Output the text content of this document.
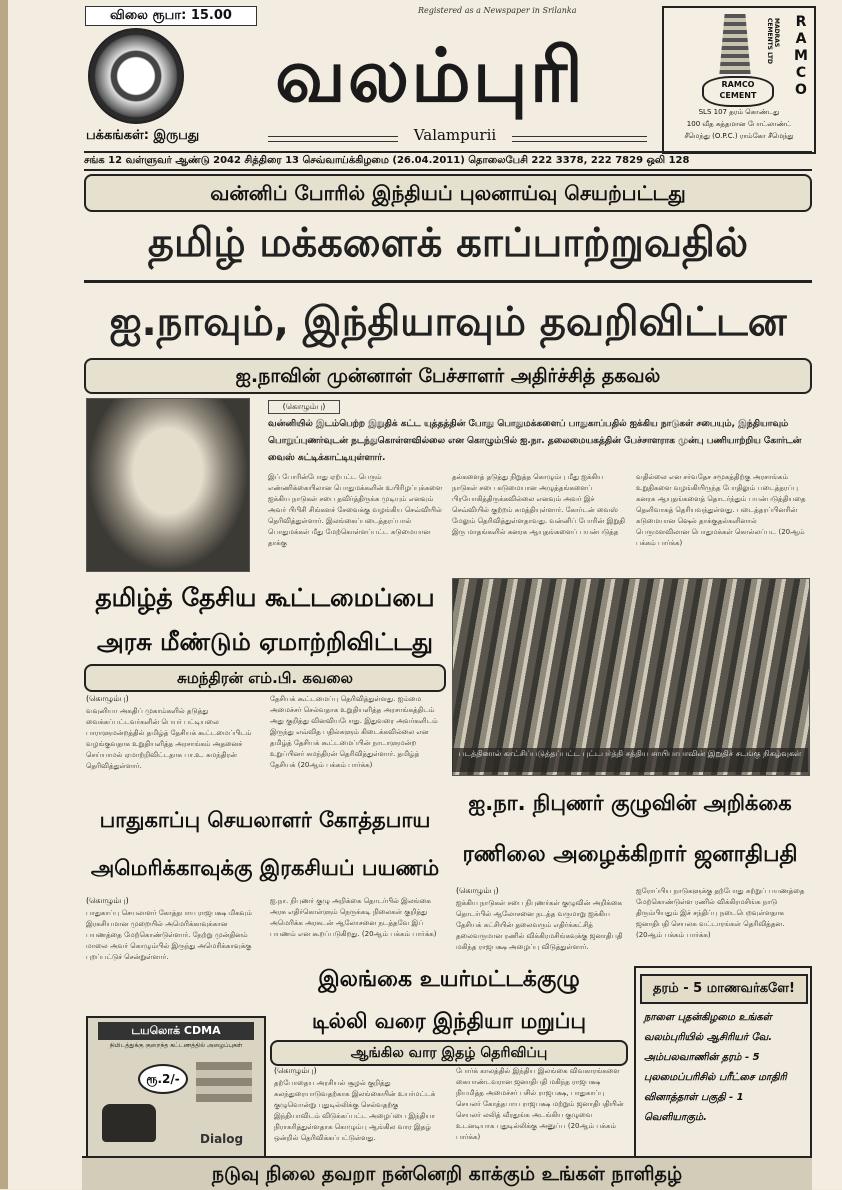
விலை ரூபா: 15.00	Registered as a Newspaper in Srilanka
வலம்புரி
பக்கங்கள்: இருபது	Valampurii
RAMCO
MADRAS CEMENTS LTD
RAMCO CEMENT
SLS 107 தரம் கொண்டது
100 வீத சுத்தமான போட்லாண்ட்
சீமெந்து (O.P.C.) ராம்கோ சீமெந்து
சங்க 12 வள்ளுவர் ஆண்டு 2042 சித்திரை 13 செவ்வாய்க்கிழமை (26.04.2011) தொலைபேசி 222 3378, 222 7829 ஒலி 128
வன்னிப் போரில் இந்தியப் புலனாய்வு செயற்பட்டது
தமிழ் மக்களைக் காப்பாற்றுவதில்
ஐ.நாவும், இந்தியாவும் தவறிவிட்டன
ஐ.நாவின் முன்னாள் பேச்சாளர் அதிர்ச்சித் தகவல்
(கொழும்பு)
வன்னியில் இடம்பெற்ற இறுதிக் கட்ட யுத்தத்தின் போது பொதுமக்களைப் பாதுகாப்பதில் ஐக்கிய நாடுகள் சபையும், இந்தியாவும் பொறுப்புணர்வுடன் நடந்துகொள்ளவில்லை என கொழும்பில் ஐ.நா. தலைமையகத்தின் பேச்சாளராக முன்பு பணியாற்றிய கோர்டன் வைஸ் சுட்டிக்காட்டியுள்ளார்.
இப் போரின்போது ஏற்பட்ட பெரும் எண்ணிக்கையிலான பொதுமக்களின் உயிரிழப்புக்களை ஐக்கிய நாடுகள் சபை தவிர்த்திருக்க முடியும் எனவும் அவர் பிபிசி சிங்களச் சேவைக்கு வழங்கிய செவ்வியில் தெரிவித்துள்ளார். இலங்கைப்படைத்தரப்பால் பொதுமக்கள் மீது மேற்கொள்ளப்பட்ட கடுமையான தாக்கு
தல்களைத் தடுத்து நிறுத்த கொழும்பு மீது ஐக்கிய நாடுகள் சபை கடுமையான அழுத்தங்களைப் பிரயோகித்திருக்கவில்லை எனவும் அவர் இச் செவ்வியில் குற்றம் சுமத்தியுள்ளார். கோர்டன் வைஸ் மேலும் தெரிவித்துள்ளதாவது. வன்னிப் போரின் இறுதி இரு மாதங்களில் கனரக ஆயுதங்களைப் பயன்படுத்த
வதில்லை என சர்வதேச சமூகத்திற்கு அரசாங்கம் உறுதிகளை வழங்கியிருந்த போதிலும் படைத்தரப்பு கனரக ஆயுதங்களைத் தொடர்ந்தும் பயன்படுத்தியதை தெளிவாகத் தெரியவந்துள்ளது. படைத்தரப்பினரின் கடுமையான ஷெல் தாக்குதல்களினால் பெருமளவிலான பொதுமக்கள் கொல்லப்பட (20ஆம் பக்கம் பார்க்க)
தமிழ்த் தேசிய கூட்டமைப்பை
அரசு மீண்டும் ஏமாற்றிவிட்டது
சுமந்திரன் எம்.பி. கவலை
(கொழும்பு)
வவுனியா அகதிப் முகாம்களில் தடுத்து வைக்கப்பட்டவர்களின் பெயர் பட்டியலை பாராளுமன்றத்தில் தமிழ்த் தேசியக் கூட்டமைப்பிடம் வழங்குவதாக உறுதியளித்த அரசாங்கம் அதனைச் செய்யாமல் ஏமாற்றிவிட்டதாக பா.உ. சுமந்திரன் தெரிவித்துள்ளார்.
தேசியக் கூட்டமைப்பு தெரிவித்துள்ளது. ஐம்மை அமைச்சர் செல்வதாக உறுதியளித்த அரசாங்கத்திடம் அது குறித்து வினவியபோது. இதுவரை அவர்களிடம் இருந்து எவ்வித பதில்களும் கிடைக்கவில்லை என தமிழ்த் தேசியக் கூட்டமைப்பின் நாடாளுமன்ற உறுப்பினர் சுமந்திரன் தெரிவித்துள்ளார். தமிழ்த் தேசியக் (20ஆம் பக்கம் பார்க்க)
படத்தினால் காட்சிப்படுத்தப்பட்ட புட்டபர்த்தி சத்திய சாயிபாபாவின் இறுதிச் சடங்கு நிகழ்வுகள்
பாதுகாப்பு செயலாளர் கோத்தபாய
அமெரிக்காவுக்கு இரகசியப் பயணம்
(கொழும்பு)
பாதுகாப்பு செயலாளர் கோத்தபாய ராஜபக்ஷ மிகவும் இரகசியமான முறையில் அமெரிக்காவுக்கான பயணத்தை மேற்கொண்டுள்ளார். நேற்று முன்தினம் மாலை அவர் கொழும்பில் இருந்து அமெரிக்காவுக்கு புறப்பட்டுச் சென்றுள்ளார்.
ஐ.நா. நிபுணர் குழு அறிக்கை தொடர்பில் இலங்கை அரசு எதிர்கொள்ளும் நெருக்கடி நிலைகள் குறித்து அமெரிக்க அரசுடன் ஆலோசனை நடத்தவே இப் பயணம் என கூறப்படுகிறது. (20ஆம் பக்கம் பார்க்க)
ஐ.நா. நிபுணர் குழுவின் அறிக்கை
ரணிலை அழைக்கிறார் ஜனாதிபதி
(கொழும்பு)
ஐக்கிய நாடுகள் சபை நிபுணர்கள் குழுவின் அறிக்கை தொடர்பில் ஆலோசனை நடத்த வருமாறு ஐக்கிய தேசியக் கட்சியின் தலைவரும் எதிர்க்கட்சித் தலைவருமான ரணில் விக்கிரமசிங்கவுக்கு ஜனாதிபதி மகிந்த ராஜபக்ஷ அழைப்பு விடுத்துள்ளார்.
ஐரோப்பிய நாடுகளுக்கு தற்போது சுற்றுப் பயணத்தை மேற்கொண்டுள்ள ரணில் விக்கிரமசிங்க நாடு திரும்பியதும் இச் சந்திப்பு நடைபெறவுள்ளதாக ஜனாதிபதி செயலக வட்டாரங்கள் தெரிவித்தன. (20ஆம் பக்கம் பார்க்க)
இலங்கை உயர்மட்டக்குழு
டில்லி வரை இந்தியா மறுப்பு
ஆங்கில வார இதழ் தெரிவிப்பு
(கொழும்பு)
தற்போதைய அரசியல் சூழல் குறித்து கலந்துரையாடுவதற்காக இலங்கையின் உயர்மட்டக் குழுவொன்று புதுடில்லிக்கு செல்வதற்கு இந்தியாவிடம் விடுக்கப்பட்ட அழைப்பை இந்தியா நிராகரித்துள்ளதாக கொழும்பு ஆங்கில வார இதழ் ஒன்றில் தெரிவிக்கப்பட்டுள்ளது.
போர்க் காலத்தில் இந்திய இலங்கை விவகாரங்களை கையாண்டவரான ஜனாதிபதி மகிந்த ராஜபக்ஷ நியமித்த அமைச்சர் பசில் ராஜபக்ஷ, பாதுகாப்பு செயலர் கோத்தபாய ராஜபக்ஷ மற்றும் ஜனாதிபதியின் செயலர் லலித் வீரதுங்க அடங்கிய குழுவை உடனடியாக புதுடில்லிக்கு அனுப்ப (20ஆம் பக்கம் பார்க்க)
டயலொக் CDMA
நிமிடத்துக்கு குறைந்த கட்டணத்தில் அழைப்புகள்
ரூ.2/-
Dialog
தரம் - 5 மாணவர்களே!
நாளை புதன்கிழமை உங்கள் வலம்புரியில் ஆசிரியர் வே. அம்பலவாணின் தரம் - 5 புலமைப்பரிசில் பரீட்சை மாதிரி வினாத்தாள் பகுதி - 1 வெளியாகும்.
நடுவு நிலை தவறா நன்னெறி காக்கும் உங்கள் நாளிதழ்
